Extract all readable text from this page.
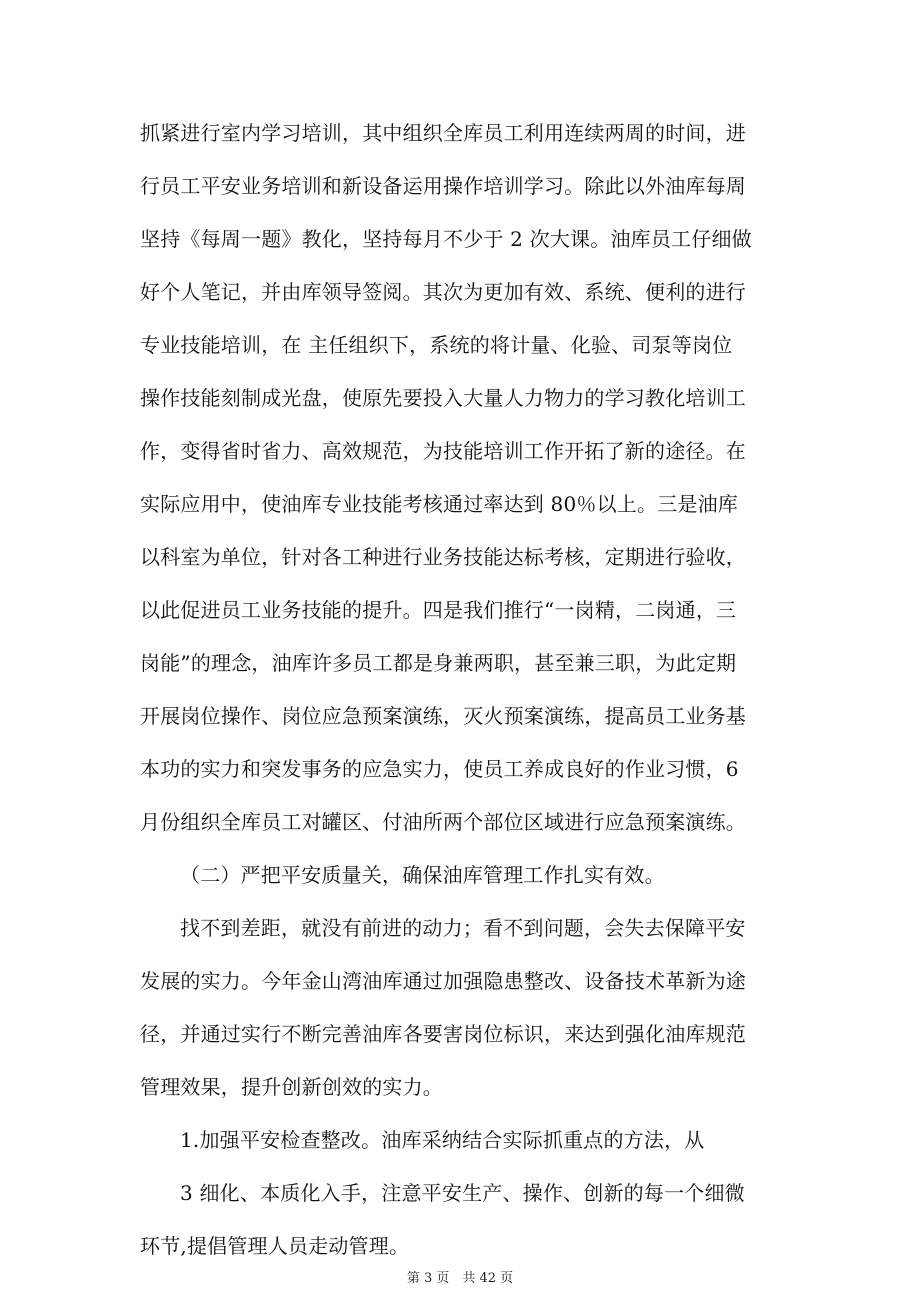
抓紧进行室内学习培训，其中组织全库员工利用连续两周的时间，进
行员工平安业务培训和新设备运用操作培训学习。除此以外油库每周
坚持《每周一题》教化，坚持每月不少于 2 次大课。油库员工仔细做
好个人笔记，并由库领导签阅。其次为更加有效、系统、便利的进行
专业技能培训，在 主任组织下，系统的将计量、化验、司泵等岗位
操作技能刻制成光盘，使原先要投入大量人力物力的学习教化培训工
作，变得省时省力、高效规范，为技能培训工作开拓了新的途径。在
实际应用中，使油库专业技能考核通过率达到 80％以上。三是油库
以科室为单位，针对各工种进行业务技能达标考核，定期进行验收，
以此促进员工业务技能的提升。四是我们推行“一岗精，二岗通，三
岗能”的理念，油库许多员工都是身兼两职，甚至兼三职，为此定期
开展岗位操作、岗位应急预案演练，灭火预案演练，提高员工业务基
本功的实力和突发事务的应急实力，使员工养成良好的作业习惯，6
月份组织全库员工对罐区、付油所两个部位区域进行应急预案演练。
（二）严把平安质量关，确保油库管理工作扎实有效。
找不到差距，就没有前进的动力；看不到问题，会失去保障平安
发展的实力。今年金山湾油库通过加强隐患整改、设备技术革新为途
径，并通过实行不断完善油库各要害岗位标识，来达到强化油库规范
管理效果，提升创新创效的实力。
1.加强平安检查整改。油库采纳结合实际抓重点的方法，从
3 细化、本质化入手，注意平安生产、操作、创新的每一个细微
环节,提倡管理人员走动管理。
第 3 页　共 42 页
